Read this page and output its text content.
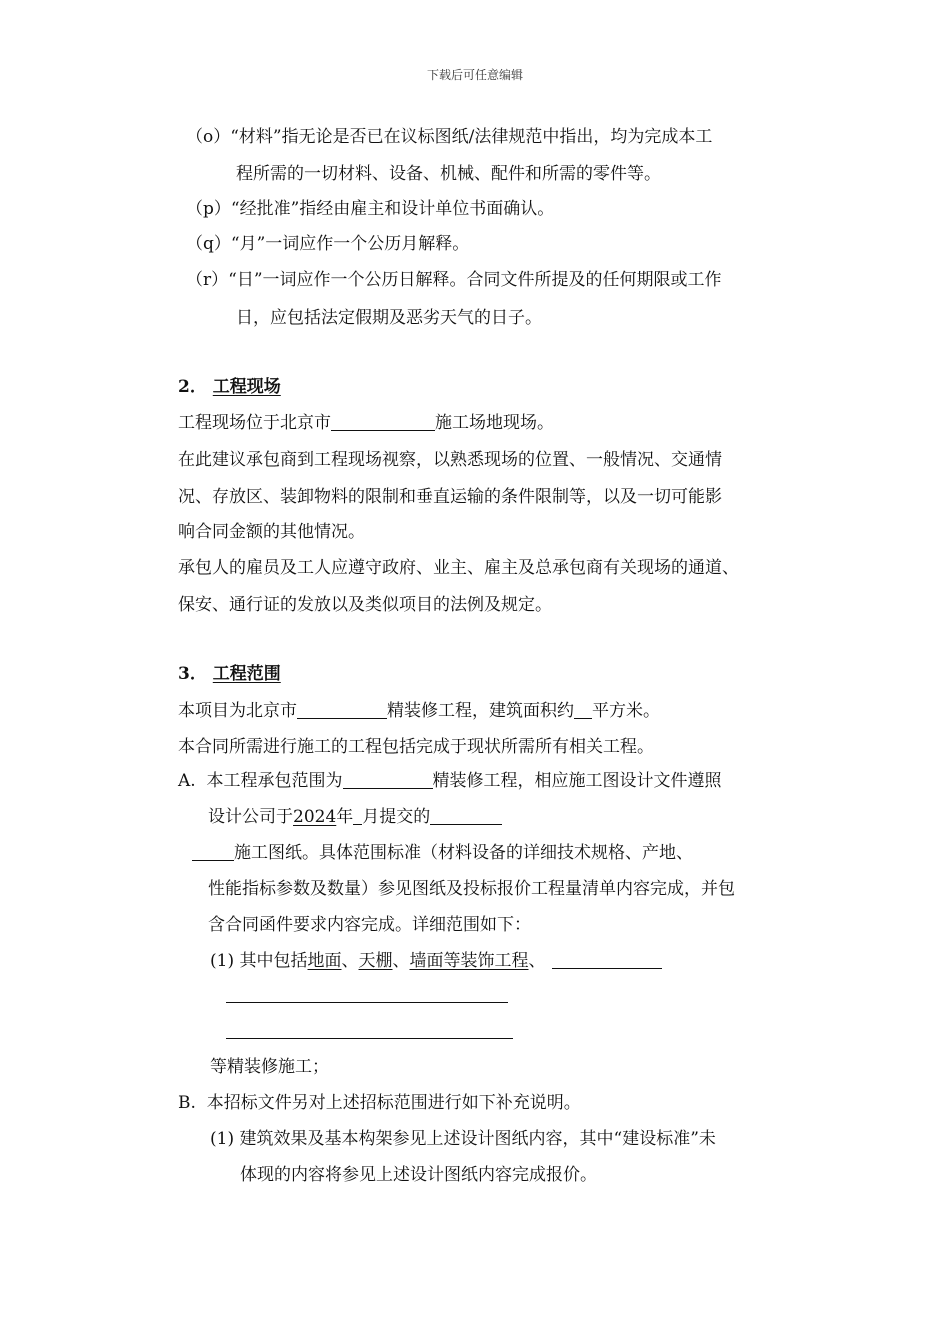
下载后可任意编辑
（o）“材料”指无论是否已在议标图纸/法律规范中指出，均为完成本工
程所需的一切材料、设备、机械、配件和所需的零件等。
（p）“经批准”指经由雇主和设计单位书面确认。
（q）“月”一词应作一个公历月解释。
（r）“日”一词应作一个公历日解释。合同文件所提及的任何期限或工作
日，应包括法定假期及恶劣天气的日子。
2． 工程现场
工程现场位于北京市	施工场地现场。
在此建议承包商到工程现场视察，以熟悉现场的位置、一般情况、交通情
况、存放区、装卸物料的限制和垂直运输的条件限制等，以及一切可能影
响合同金额的其他情况。
承包人的雇员及工人应遵守政府、业主、雇主及总承包商有关现场的通道、
保安、通行证的发放以及类似项目的法例及规定。
3． 工程范围
本项目为北京市	精装修工程，建筑面积约 平方米。
本合同所需进行施工的工程包括完成于现状所需所有相关工程。
A. 本工程承包范围为	精装修工程，相应施工图设计文件遵照
设计公司于2024年 月提交的
施工图纸。具体范围标准（材料设备的详细技术规格、产地、
性能指标参数及数量）参见图纸及投标报价工程量清单内容完成，并包
含合同函件要求内容完成。详细范围如下：
(1) 其中包括地面、天棚、墙面等装饰工程、
等精装修施工；
B. 本招标文件另对上述招标范围进行如下补充说明。
(1) 建筑效果及基本构架参见上述设计图纸内容，其中“建设标准”未
体现的内容将参见上述设计图纸内容完成报价。
